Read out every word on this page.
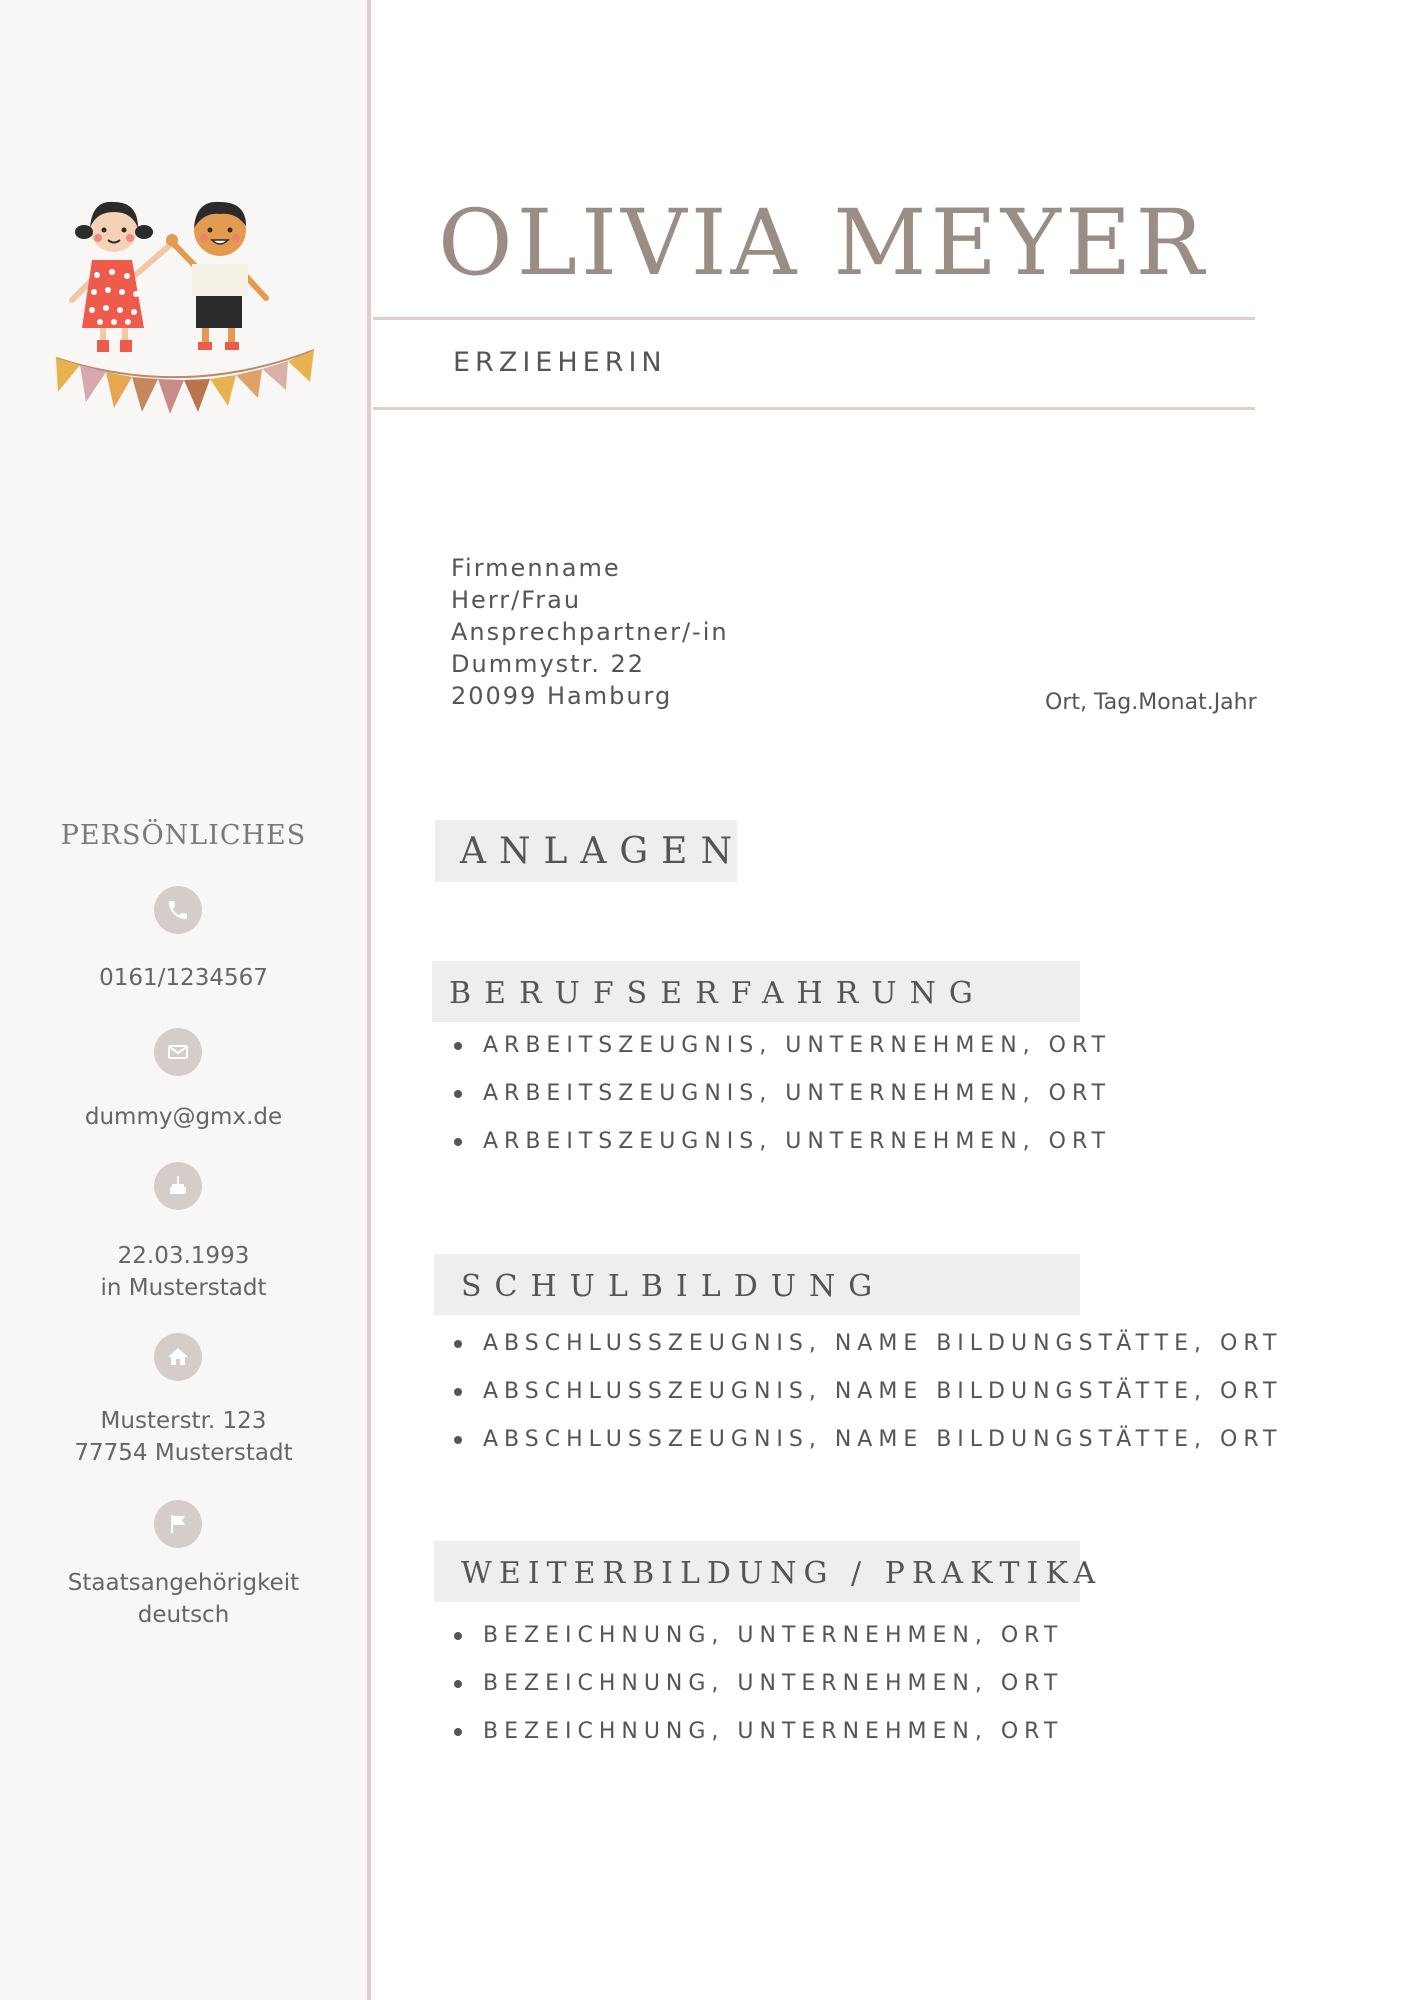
PERSÖNLICHES
0161/1234567
dummy@gmx.de
22.03.1993
in Musterstadt
Musterstr. 123
77754 Musterstadt
Staatsangehörigkeit
deutsch
OLIVIA MEYER
ERZIEHERIN
Firmenname
Herr/Frau
Ansprechpartner/-in
Dummystr. 22
20099 Hamburg	Ort, Tag.Monat.Jahr
ANLAGEN
BERUFSERFAHRUNG
ARBEITSZEUGNIS, UNTERNEHMEN, ORT
ARBEITSZEUGNIS, UNTERNEHMEN, ORT
ARBEITSZEUGNIS, UNTERNEHMEN, ORT
SCHULBILDUNG
ABSCHLUSSZEUGNIS, NAME BILDUNGSTÄTTE, ORT
ABSCHLUSSZEUGNIS, NAME BILDUNGSTÄTTE, ORT
ABSCHLUSSZEUGNIS, NAME BILDUNGSTÄTTE, ORT
WEITERBILDUNG / PRAKTIKA
BEZEICHNUNG, UNTERNEHMEN, ORT
BEZEICHNUNG, UNTERNEHMEN, ORT
BEZEICHNUNG, UNTERNEHMEN, ORT
